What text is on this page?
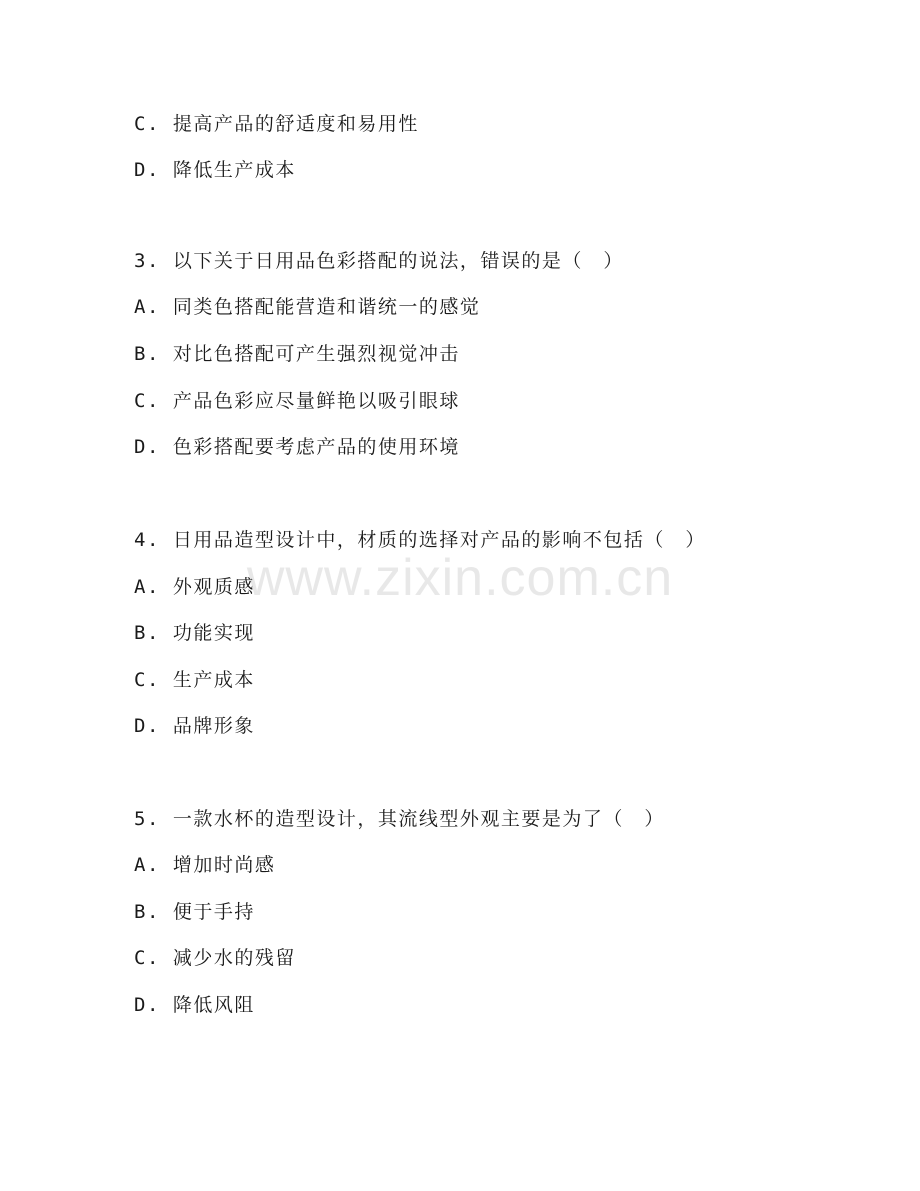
C. 提高产品的舒适度和易用性
D. 降低生产成本
3. 以下关于日用品色彩搭配的说法，错误的是（　）
A. 同类色搭配能营造和谐统一的感觉
B. 对比色搭配可产生强烈视觉冲击
C. 产品色彩应尽量鲜艳以吸引眼球
D. 色彩搭配要考虑产品的使用环境
4. 日用品造型设计中，材质的选择对产品的影响不包括（　）
A. 外观质感
B. 功能实现
C. 生产成本
D. 品牌形象
5. 一款水杯的造型设计，其流线型外观主要是为了（　）
A. 增加时尚感
B. 便于手持
C. 减少水的残留
D. 降低风阻
www.zixin.com.cn
